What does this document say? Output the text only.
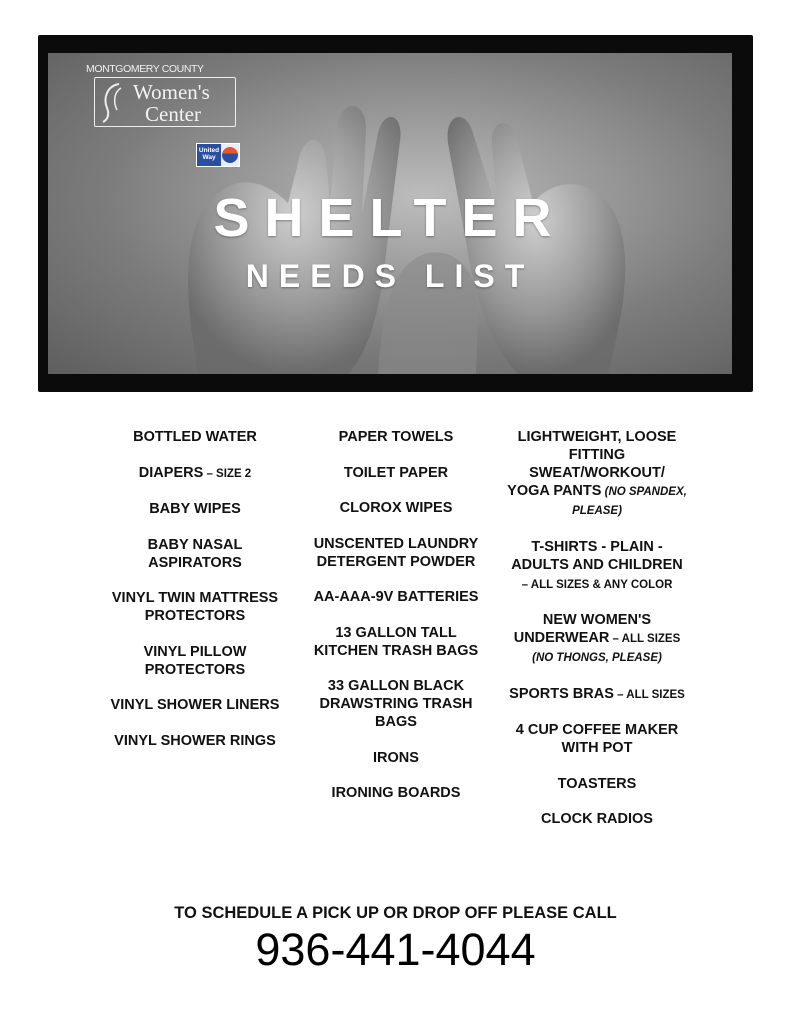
MONTGOMERY COUNTY
Women's
Center
United
Way
SHELTER
NEEDS LIST
BOTTLED WATER
DIAPERS – SIZE 2
BABY WIPES
BABY NASAL ASPIRATORS
VINYL TWIN MATTRESS PROTECTORS
VINYL PILLOW PROTECTORS
VINYL SHOWER LINERS
VINYL SHOWER RINGS
PAPER TOWELS
TOILET PAPER
CLOROX WIPES
UNSCENTED LAUNDRY DETERGENT POWDER
AA-AAA-9V BATTERIES
13 GALLON TALL KITCHEN TRASH BAGS
33 GALLON BLACK DRAWSTRING TRASH BAGS
IRONS
IRONING BOARDS
LIGHTWEIGHT, LOOSE FITTING SWEAT/WORKOUT/ YOGA PANTS (NO SPANDEX, PLEASE)
T-SHIRTS - PLAIN - ADULTS AND CHILDREN – ALL SIZES & ANY COLOR
NEW WOMEN'S UNDERWEAR – ALL SIZES (NO THONGS, PLEASE)
SPORTS BRAS – ALL SIZES
4 CUP COFFEE MAKER WITH POT
TOASTERS
CLOCK RADIOS
TO SCHEDULE A PICK UP OR DROP OFF PLEASE CALL
936-441-4044
